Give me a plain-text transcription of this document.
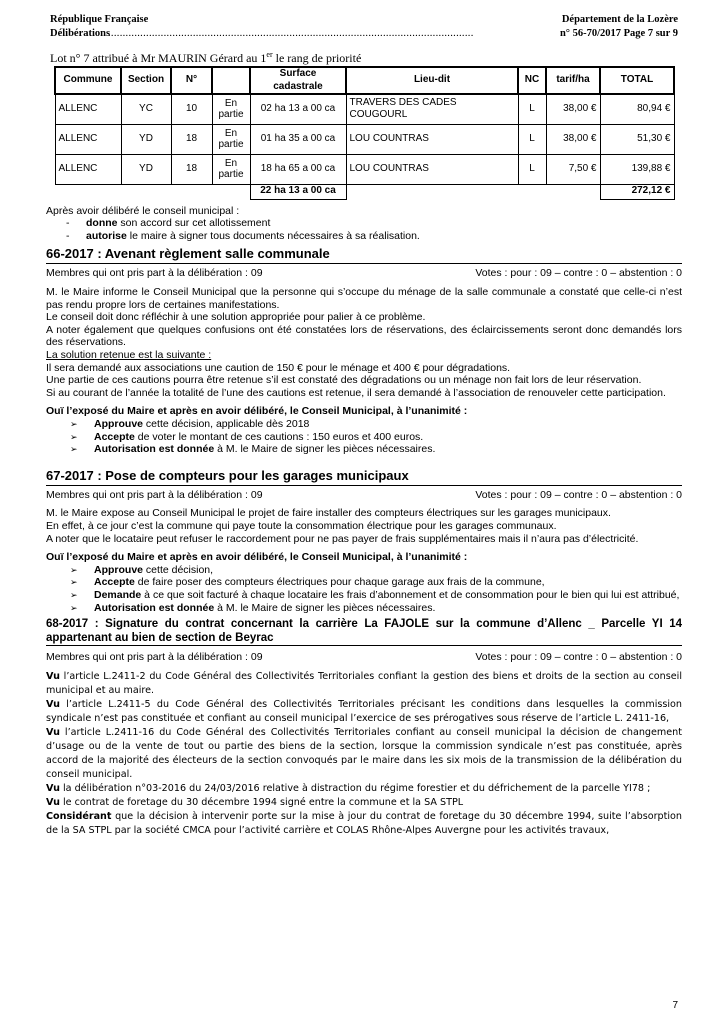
République Française	Département de la Lozère
Délibérations
.............................................................................................................................	n° 56-70/2017 Page 7 sur 9
Lot n° 7 attribué à Mr MAURIN Gérard au 1er le rang de priorité
Commune	Section	N°		Surface cadastrale	Lieu-dit	NC	tarif/ha	TOTAL
ALLENC	YC	10	En partie	02 ha 13 a 00 ca	TRAVERS DES CADES COUGOURL	L	38,00 €	80,94 €
ALLENC	YD	18	En partie	01 ha 35 a 00 ca	LOU COUNTRAS	L	38,00 €	51,30 €
ALLENC	YD	18	En partie	18 ha 65 a 00 ca	LOU COUNTRAS	L	7,50 €	139,88 €
				22 ha 13 a 00 ca				272,12 €
Après avoir délibéré le conseil municipal :
- donne son accord sur cet allotissement
- autorise le maire à signer tous documents nécessaires à sa réalisation.
66-2017 : Avenant règlement salle communale
Membres qui ont pris part à la délibération : 09	Votes : pour : 09 – contre : 0 – abstention : 0
M. le Maire informe le Conseil Municipal que la personne qui s’occupe du ménage de la salle communale a constaté que celle-ci n’est pas rendu propre lors de certaines manifestations.
Le conseil doit donc réfléchir à une solution appropriée pour palier à ce problème.
A noter également que quelques confusions ont été constatées lors de réservations, des éclaircissements seront donc demandés lors des réservations.
La solution retenue est la suivante :
Il sera demandé aux associations une caution de 150 € pour le ménage et 400 € pour dégradations.
Une partie de ces cautions pourra être retenue s’il est constaté des dégradations ou un ménage non fait lors de leur réservation.
Si au courant de l’année la totalité de l’une des cautions est retenue, il sera demandé à l’association de renouveler cette participation.
Ouï l’exposé du Maire et après en avoir délibéré, le Conseil Municipal, à l’unanimité :
➢ Approuve cette décision, applicable dès 2018
➢ Accepte de voter le montant de ces cautions : 150 euros et 400 euros.
➢ Autorisation est donnée à M. le Maire de signer les pièces nécessaires.
67-2017 : Pose de compteurs pour les garages municipaux
Membres qui ont pris part à la délibération : 09	Votes : pour : 09 – contre : 0 – abstention : 0
M. le Maire expose au Conseil Municipal le projet de faire installer des compteurs électriques sur les garages municipaux.
En effet, à ce jour c’est la commune qui paye toute la consommation électrique pour les garages communaux.
A noter que le locataire peut refuser le raccordement pour ne pas payer de frais supplémentaires mais il n’aura pas d’électricité.
Ouï l’exposé du Maire et après en avoir délibéré, le Conseil Municipal, à l’unanimité :
➢ Approuve cette décision,
➢ Accepte de faire poser des compteurs électriques pour chaque garage aux frais de la commune,
➢ Demande à ce que soit facturé à chaque locataire les frais d’abonnement et de consommation pour le bien qui lui est attribué,
➢ Autorisation est donnée à M. le Maire de signer les pièces nécessaires.
68-2017 : Signature du contrat concernant la carrière La FAJOLE sur la commune d’Allenc _ Parcelle YI 14 appartenant au bien de section de Beyrac
Membres qui ont pris part à la délibération : 09	Votes : pour : 09 – contre : 0 – abstention : 0
Vu l’article L.2411-2 du Code Général des Collectivités Territoriales confiant la gestion des biens et droits de la section au conseil municipal et au maire.
Vu l’article L.2411-5 du Code Général des Collectivités Territoriales précisant les conditions dans lesquelles la commission syndicale n’est pas constituée et confiant au conseil municipal l’exercice de ses prérogatives sous réserve de l’article L. 2411-16,
Vu l’article L.2411-16 du Code Général des Collectivités Territoriales confiant au conseil municipal la décision de changement d’usage ou de la vente de tout ou partie des biens de la section, lorsque la commission syndicale n’est pas constituée, après accord de la majorité des électeurs de la section convoqués par le maire dans les six mois de la transmission de la délibération du conseil municipal.
Vu la délibération n°03-2016 du 24/03/2016 relative à distraction du régime forestier et du défrichement de la parcelle YI78 ;
Vu le contrat de foretage du 30 décembre 1994 signé entre la commune et la SA STPL
Considérant que la décision à intervenir porte sur la mise à jour du contrat de foretage du 30 décembre 1994, suite l’absorption de la SA STPL par la société CMCA pour l’activité carrière et COLAS Rhône-Alpes Auvergne pour les activités travaux,
7
